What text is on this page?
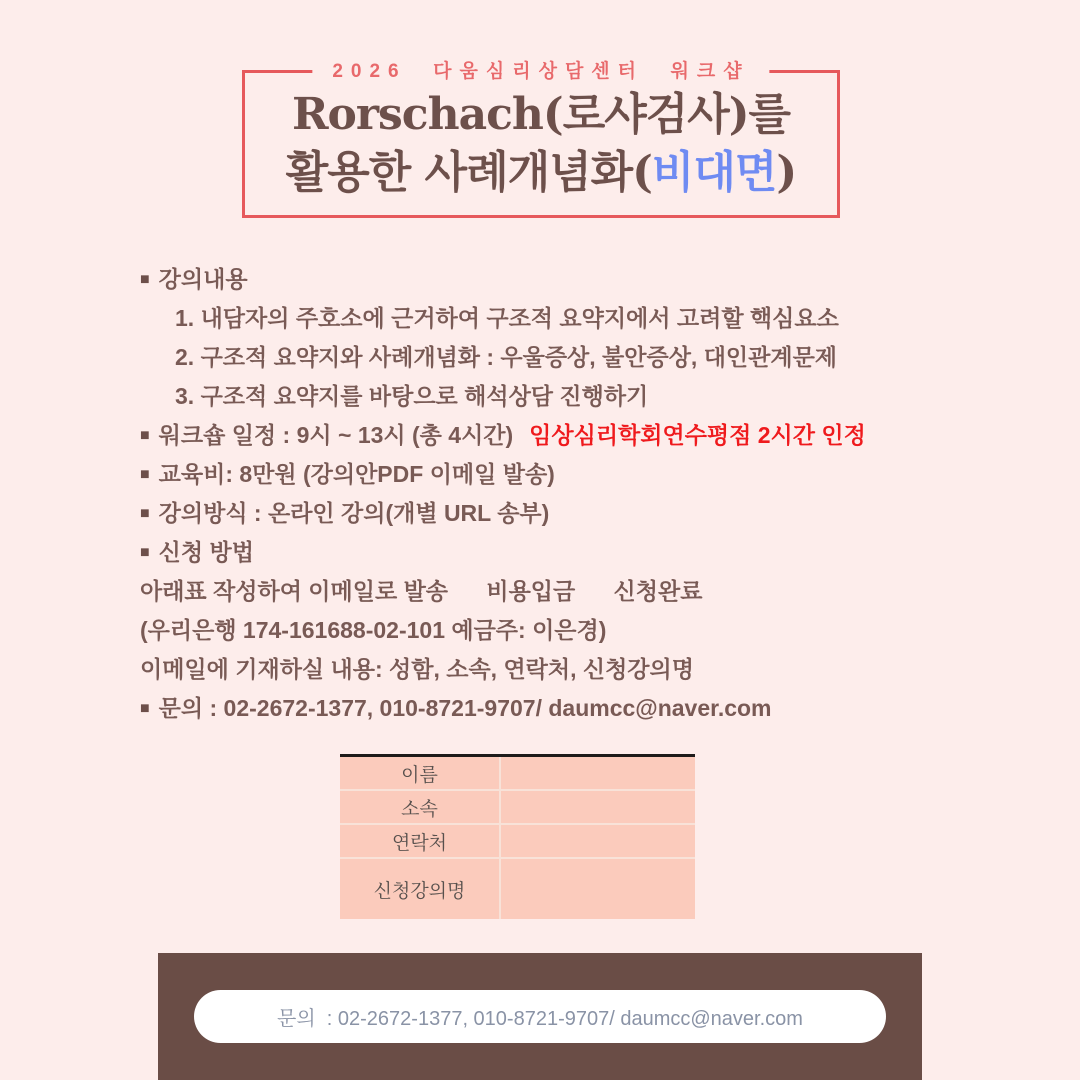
2026  다움심리상담센터  워크샵
Rorschach(로샤검사)를
활용한 사례개념화(비대면)
■ 강의내용
1. 내담자의 주호소에 근거하여 구조적 요약지에서 고려할 핵심요소
2. 구조적 요약지와 사례개념화 : 우울증상, 불안증상, 대인관계문제
3. 구조적 요약지를 바탕으로 해석상담 진행하기
■ 워크숍 일정 : 9시 ~ 13시 (총 4시간) 임상심리학회연수평점 2시간 인정
■ 교육비: 8만원 (강의안PDF 이메일 발송)
■ 강의방식 : 온라인 강의(개별 URL 송부)
■ 신청 방법
아래표 작성하여 이메일로 발송      비용입금      신청완료
(우리은행 174-161688-02-101 예금주: 이은경)
이메일에 기재하실 내용: 성함, 소속, 연락처, 신청강의명
■ 문의 : 02-2672-1377, 010-8721-9707/ daumcc@naver.com
이름
소속
연락처
신청강의명
문의  : 02-2672-1377, 010-8721-9707/ daumcc@naver.com
